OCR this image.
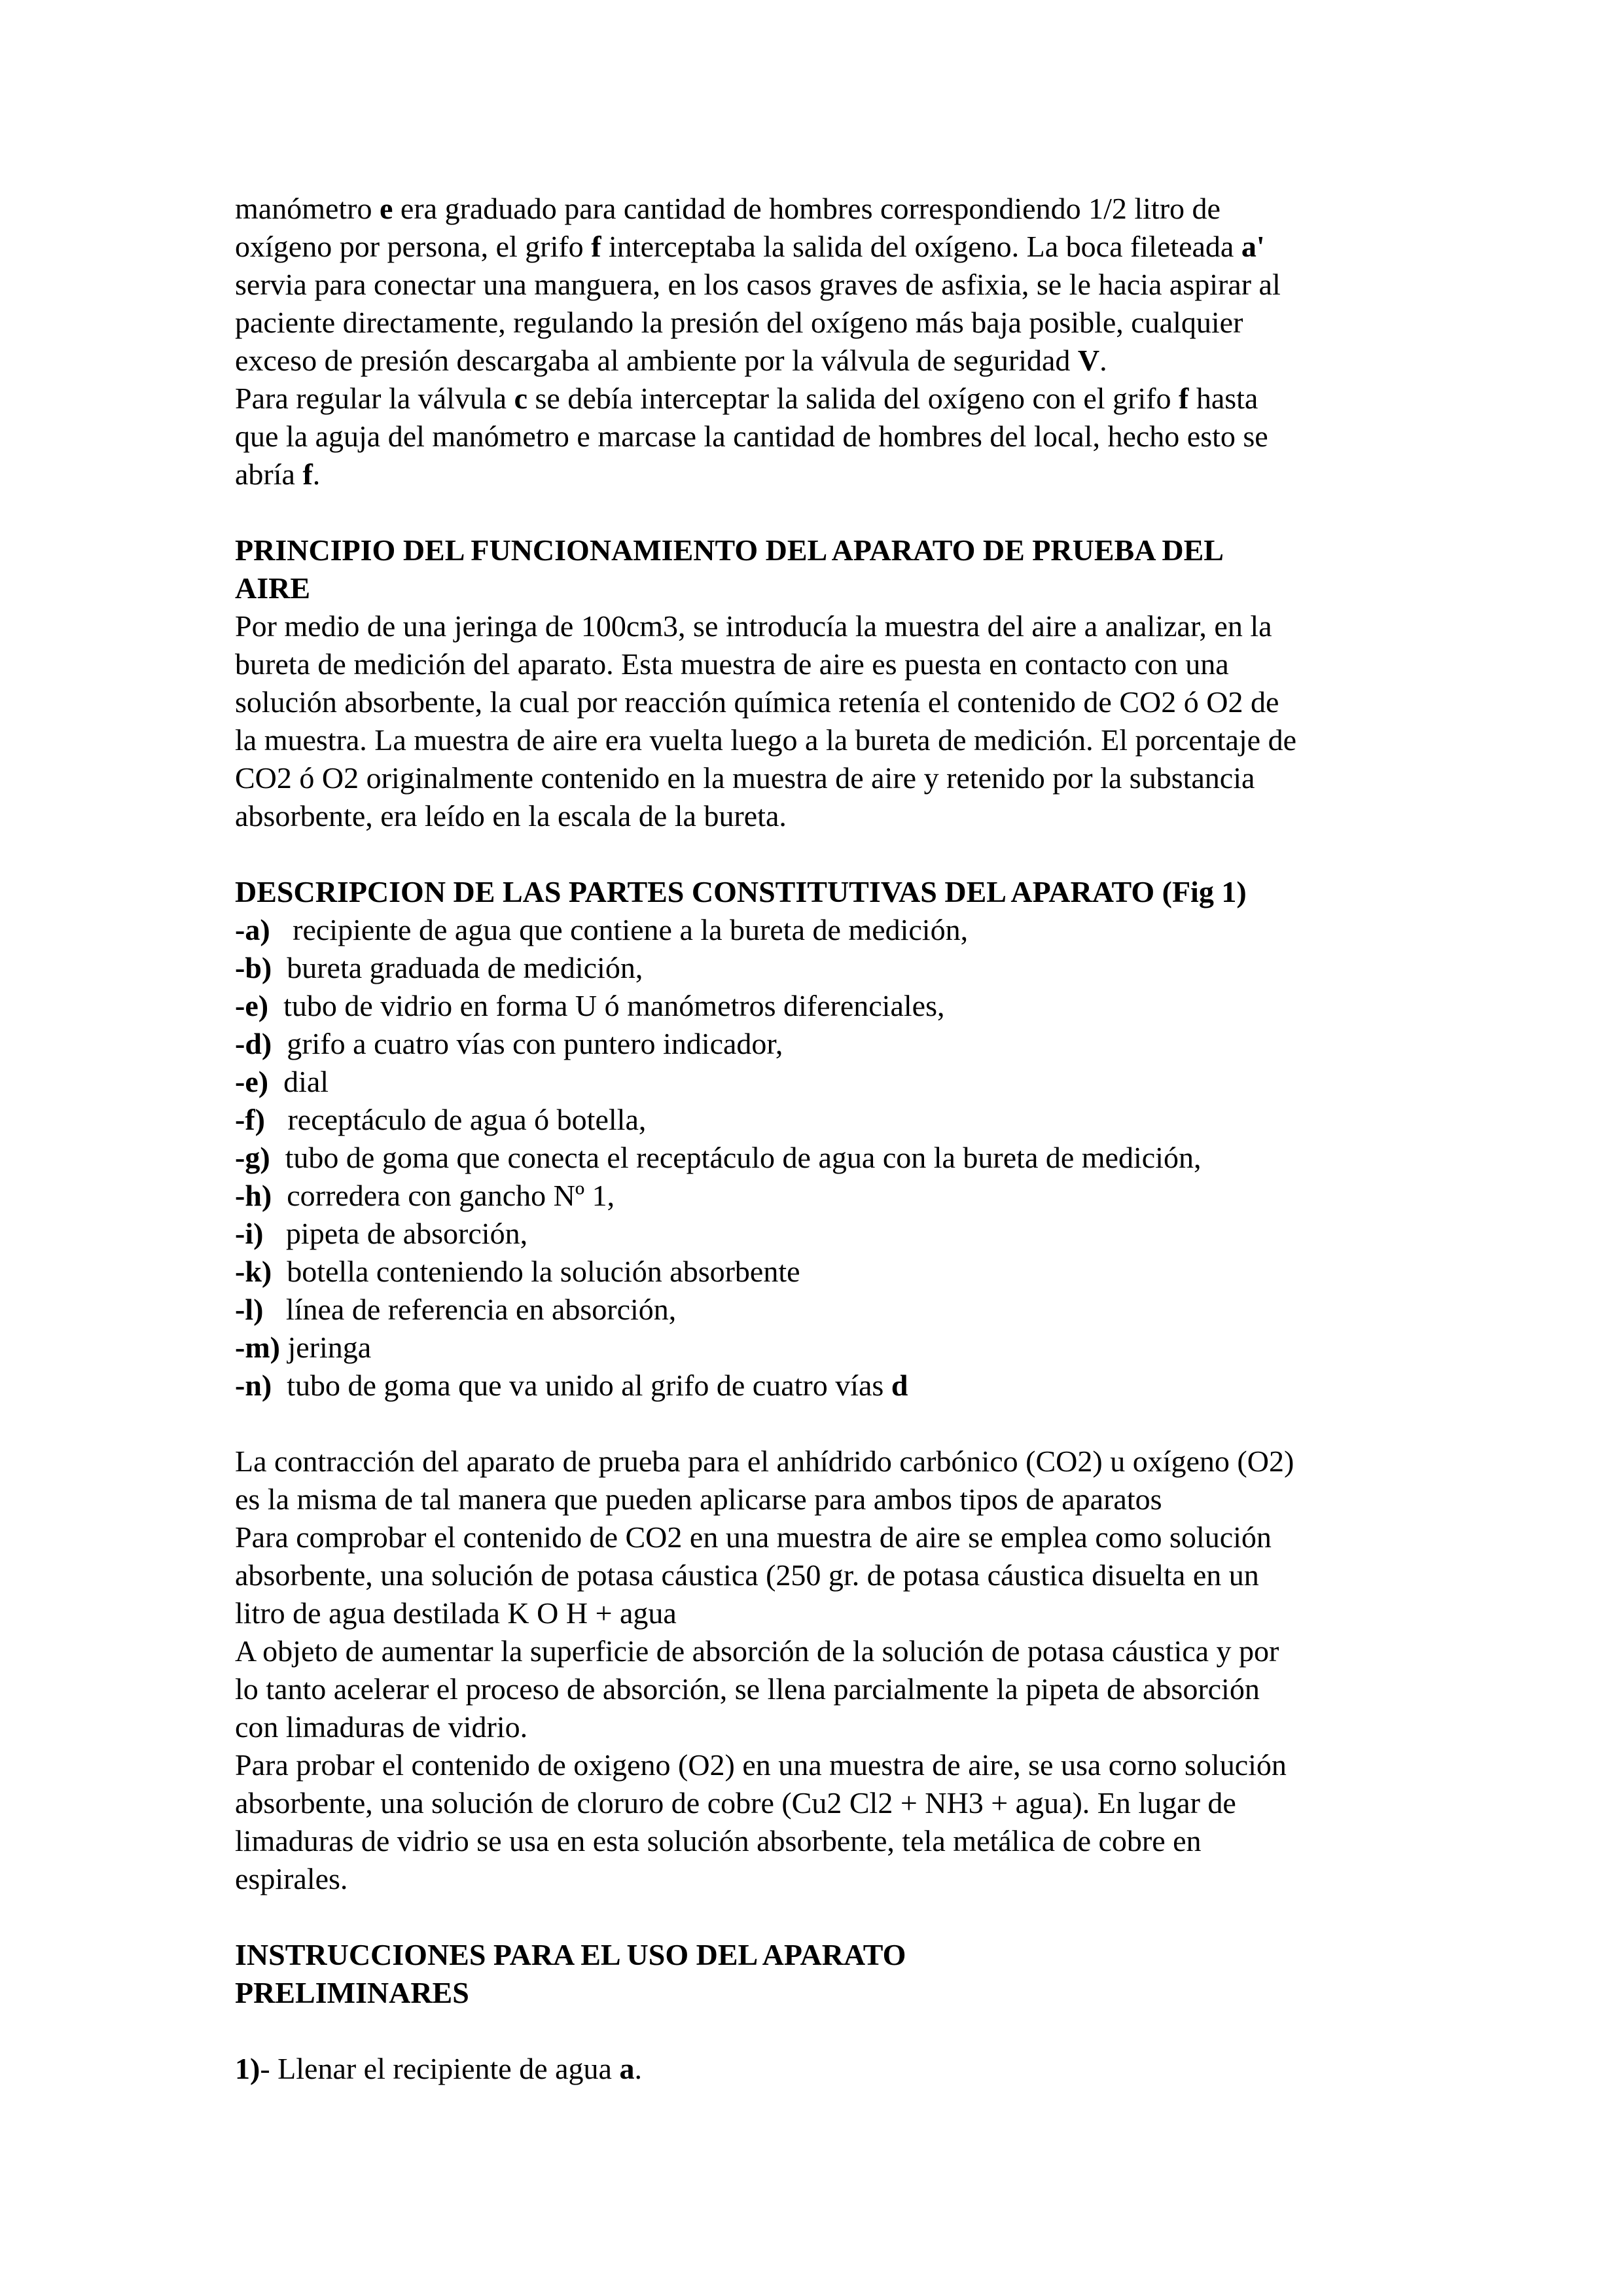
manómetro e era graduado para cantidad de hombres correspondiendo 1/2 litro de
oxígeno por persona, el grifo f interceptaba la salida del oxígeno. La boca fileteada a'
servia para conectar una manguera, en los casos graves de asfixia, se le hacia aspirar al
paciente directamente, regulando la presión del oxígeno más baja posible, cualquier
exceso de presión descargaba al ambiente por la válvula de seguridad V.
Para regular la válvula c se debía interceptar la salida del oxígeno con el grifo f hasta
que la aguja del manómetro e marcase la cantidad de hombres del local, hecho esto se
abría f.
PRINCIPIO DEL FUNCIONAMIENTO DEL APARATO DE PRUEBA DEL
AIRE
Por medio de una jeringa de 100cm3, se introducía la muestra del aire a analizar, en la
bureta de medición del aparato. Esta muestra de aire es puesta en contacto con una
solución absorbente, la cual por reacción química retenía el contenido de CO2 ó O2 de
la muestra. La muestra de aire era vuelta luego a la bureta de medición. El porcentaje de
CO2 ó O2 originalmente contenido en la muestra de aire y retenido por la substancia
absorbente, era leído en la escala de la bureta.
DESCRIPCION DE LAS PARTES CONSTITUTIVAS DEL APARATO (Fig 1)
-a) recipiente de agua que contiene a la bureta de medición,
-b) bureta graduada de medición,
-e) tubo de vidrio en forma U ó manómetros diferenciales,
-d) grifo a cuatro vías con puntero indicador,
-e) dial
-f) receptáculo de agua ó botella,
-g) tubo de goma que conecta el receptáculo de agua con la bureta de medición,
-h) corredera con gancho Nº 1,
-i) pipeta de absorción,
-k) botella conteniendo la solución absorbente
-l) línea de referencia en absorción,
-m) jeringa
-n) tubo de goma que va unido al grifo de cuatro vías d
La contracción del aparato de prueba para el anhídrido carbónico (CO2) u oxígeno (O2)
es la misma de tal manera que pueden aplicarse para ambos tipos de aparatos
Para comprobar el contenido de CO2 en una muestra de aire se emplea como solución
absorbente, una solución de potasa cáustica (250 gr. de potasa cáustica disuelta en un
litro de agua destilada K O H + agua
A objeto de aumentar la superficie de absorción de la solución de potasa cáustica y por
lo tanto acelerar el proceso de absorción, se llena parcialmente la pipeta de absorción
con limaduras de vidrio.
Para probar el contenido de oxigeno (O2) en una muestra de aire, se usa corno solución
absorbente, una solución de cloruro de cobre (Cu2 Cl2 + NH3 + agua). En lugar de
limaduras de vidrio se usa en esta solución absorbente, tela metálica de cobre en
espirales.
INSTRUCCIONES PARA EL USO DEL APARATO
PRELIMINARES
1)- Llenar el recipiente de agua a.
